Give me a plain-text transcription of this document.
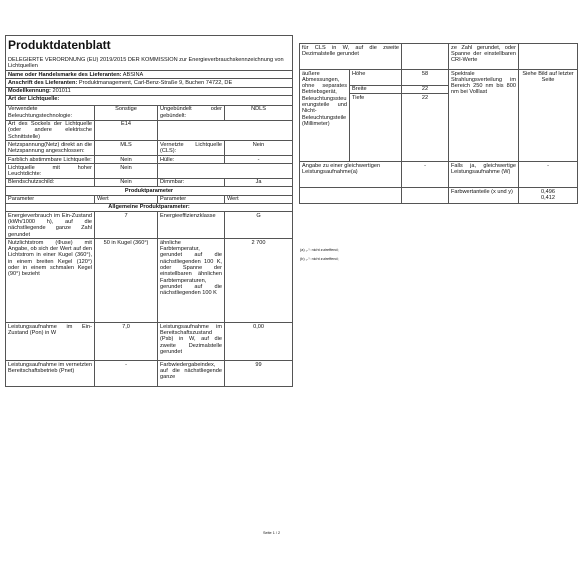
Produktdatenblatt			

DELEGIERTE VERORDNUNG (EU) 2019/2015 DER KOMMISSION zur Energieverbrauchskennzeichnung von Lichtquellen			
Name oder Handelsmarke des Lieferanten: ABSINA			
Anschrift des Lieferanten: Produktmanagement, Carl-Benz-Straße 9, Buchen 74722, DE			
Modellkennung: 201011			
Art der Lichtquelle:			
Verwendete Beleuchtungstechnologie:	Sonstige	Ungebündelt oder gebündelt:	NDLS
Art des Sockels der Lichtquelle (oder andere elektrische Schnittstelle)	E14		
Netzspannung(Netz) direkt an die Netzspannung angeschlossen:	MLS	Vernetzte Lichtquelle (CLS):	Nein
Farblich abstimmbare Lichtquelle:	Nein	Hülle:	-
Lichtquelle mit hoher Leuchtdichte:	Nein		
Blendschutzschild:	Nein	Dimmbar:	Ja
Produktparameter			
Parameter	Wert	Parameter	Wert
Allgemeine Produktparameter:			
Energieverbrauch im Ein-Zustand (kWh/1000 h), auf die nächstliegende ganze Zahl gerundet	7	Energieeffizienzklasse	G
Nutzlichtstrom (Φuse) mit Angabe, ob sich der Wert auf den Lichtstrom in einer Kugel (360°), in einem breiten Kegel (120°) oder in einem schmalen Kegel (90°) bezieht	50 in Kugel (360°)	ähnliche Farbtemperatur, gerundet auf die nächstliegenden 100 K, oder Spanne der einstellbaren ähnlichen Farbtemperaturen, gerundet auf die nächstliegenden 100 K	2 700
Leistungsaufnahme im Ein-Zustand (Pon) in W	7,0	Leistungsaufnahme im Bereitschaftszustand (Psb) in W, auf die zweite Dezimalstelle gerundet	0,00
Leistungsaufnahme im vernetzten Bereitschaftsbetrieb (Pnet)	-	Farbwiedergabeindex, auf die nächstliegende ganze	99
für CLS in W, auf die zweite Dezimalstelle gerundet			ze Zahl gerundet, oder Spanne der einstellbaren CRI-Werte	
äußere Abmessungen, ohne separates Betriebsgerät, Beleuchtungssteuerungsteile und Nicht-Beleuchtungsteile (Millimeter)	Höhe	58	Spektrale Strahlungsverteilung im Bereich 250 nm bis 800 nm bei Volllast	Siehe Bild auf letzter Seite
	Breite	22		
	Tiefe	22		
Angabe zu einer gleichwertigen Leistungsaufnahme(a)		-	Falls ja, gleichwertige Leistungsaufnahme (W)	-
			Farbwertanteile (x und y)	0,496
0,412
(a) „-“: nicht zutreffend;
(b) „-“: nicht zutreffend;
Seite 1 / 2
